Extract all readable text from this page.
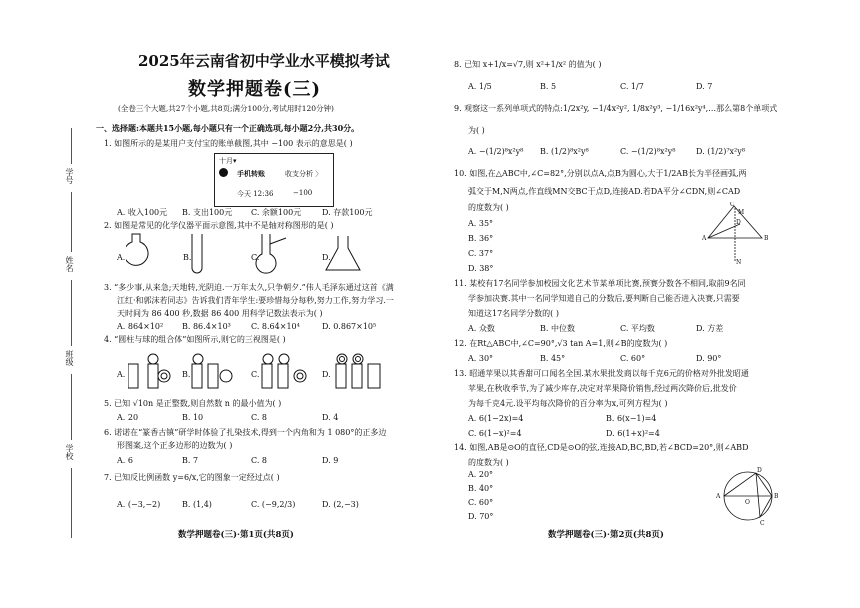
2025年云南省初中学业水平模拟考试
数学押题卷(三)
(全卷三个大题,共27个小题,共8页;满分100分,考试用时120分钟)
一、选择题:本题共15小题,每小题只有一个正确选项,每小题2分,共30分。
学号
姓名
班级
学校
1. 如图所示的是某用户支付宝的账单截图,其中 −100 表示的意思是( )
十月▾
手机转账	收支分析 〉
今天 12:36	−100
A. 收入100元 B. 支出100元 C. 余额100元	D. 存款100元
2. 如图是常见的化学仪器平面示意图,其中不是轴对称图形的是( )
A.	B.	C.	D.
3. “多少事,从来急;天地转,光阴迫.一万年太久,只争朝夕.”伟人毛泽东通过这首《满
江红·和郭沫若同志》告诉我们青年学生:要珍惜每分每秒,努力工作,努力学习.一
天时间为 86 400 秒,数据 86 400 用科学记数法表示为( )
A. 864×10² B. 86.4×10³	C. 8.64×10⁴	D. 0.867×10⁵
4. “圆柱与球的组合体”如图所示,则它的三视图是( )
A.	B.	C.	D.
5. 已知 √10n 是正整数,则自然数 n 的最小值为( )
A. 20	B. 10	C. 8	D. 4
6. 诺诺在“篆香古镇”研学时体验了扎染技术,得到一个内角和为 1 080°的正多边
形图案,这个正多边形的边数为( )
A. 6	B. 7	C. 8	D. 9
7. 已知反比例函数 y=6/x,它的图象一定经过点( )
A. (−3,−2)	B. (1,4)	C. (−9,2/3)	D. (2,−3)
数学押题卷(三)·第1页(共8页)
8. 已知 x+1/x=√7,则 x²+1/x² 的值为( )
A. 1/5	B. 5	C. 1/7	D. 7
9. 观察这一系列单项式的特点:1/2x²y, −1/4x²y², 1/8x²y³, −1/16x²y⁴,…那么第8个单项式
为( )
A. −(1/2)⁸x²y⁸ B. (1/2)⁸x²y⁸	C. −(1/2)⁸x²y⁸	D. (1/2)⁷x²y⁸
10. 如图,在△ABC中,∠C=82°,分别以点A,点B为圆心,大于1/2AB长为半径画弧,两
弧交于M,N两点,作直线MN交BC于点D,连接AD.若DA平分∠CDN,则∠CAD
的度数为( )
A. 35°
B. 36°
C. 37°
D. 38°
C
M
D
A	B
N
11. 某校有17名同学参加校园文化艺术节某单项比赛,预赛分数各不相同,取前9名同
学参加决赛.其中一名同学知道自己的分数后,要判断自己能否进入决赛,只需要
知道这17名同学分数的( )
A. 众数	B. 中位数	C. 平均数	D. 方差
12. 在Rt△ABC中,∠C=90°,√3 tan A=1,则∠B的度数为( )
A. 30°	B. 45°	C. 60°	D. 90°
13. 昭通苹果以其香甜可口闻名全国.某水果批发商以每千克6元的价格对外批发昭通
苹果,在秋收季节,为了减少库存,决定对苹果降价销售,经过两次降价后,批发价
为每千克4元.设平均每次降价的百分率为x,可列方程为( )
A. 6(1−2x)=4	B. 6(x−1)=4
C. 6(1−x)²=4	D. 6(1+x)²=4
14. 如图,AB是⊙O的直径,CD是⊙O的弦,连接AD,BC,BD,若∠BCD=20°,则∠ABD
的度数为( )
A. 20°
B. 40°
C. 60°
D. 70°
D
A
O
B
C
数学押题卷(三)·第2页(共8页)
